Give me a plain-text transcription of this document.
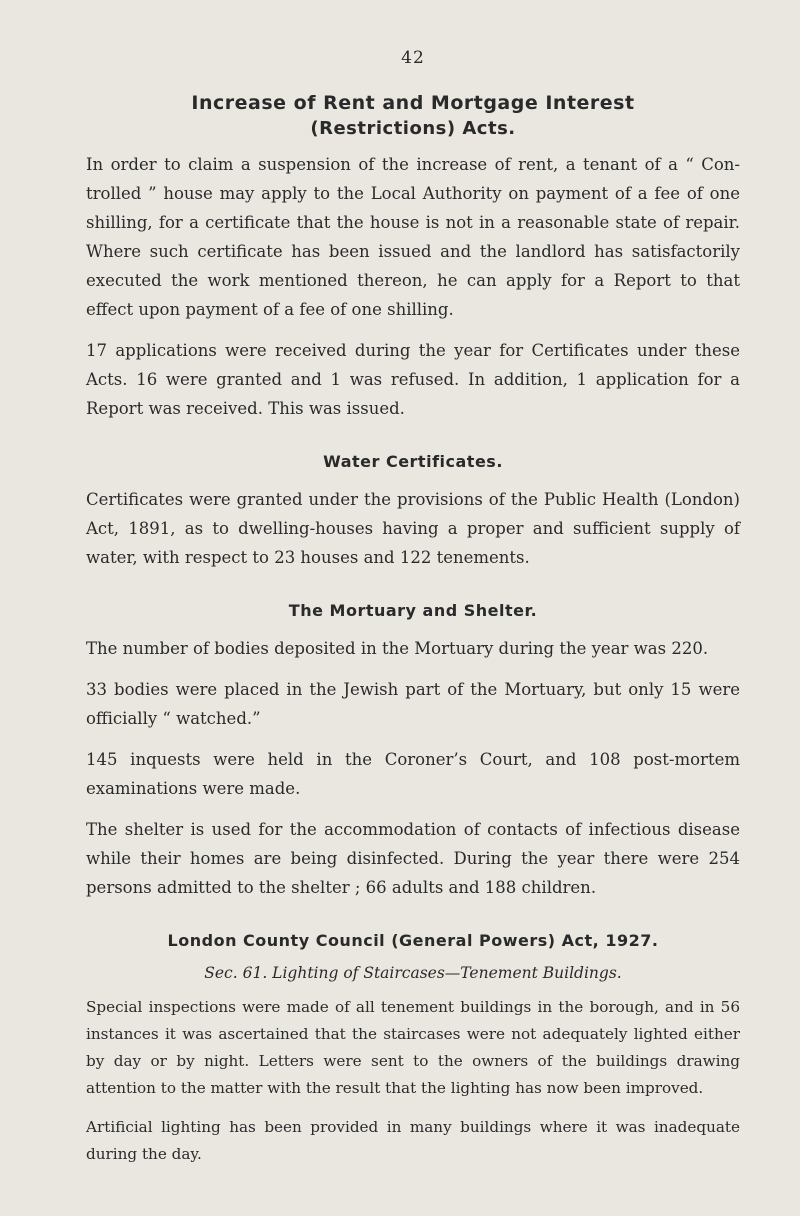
42
Increase of Rent and Mortgage Interest
(Restrictions) Acts.

In order to claim a suspension of the increase of rent, a tenant of a “ Con- trolled ” house may apply to the Local Authority on payment of a fee of one shilling, for a certificate that the house is not in a reasonable state of repair. Where such certificate has been issued and the landlord has satisfactorily executed the work mentioned thereon, he can apply for a Report to that effect upon payment of a fee of one shilling.

17 applications were received during the year for Certificates under these Acts. 16 were granted and 1 was refused. In addition, 1 application for a Report was received. This was issued.

Water Certificates.

Certificates were granted under the provisions of the Public Health (London) Act, 1891, as to dwelling-houses having a proper and sufficient supply of water, with respect to 23 houses and 122 tenements.

The Mortuary and Shelter.

The number of bodies deposited in the Mortuary during the year was 220.

33 bodies were placed in the Jewish part of the Mortuary, but only 15 were officially “ watched.”

145 inquests were held in the Coroner’s Court, and 108 post-mortem examinations were made.

The shelter is used for the accommodation of contacts of infectious disease while their homes are being disinfected. During the year there were 254 persons admitted to the shelter ; 66 adults and 188 children.

London County Council (General Powers) Act, 1927.
Sec. 61. Lighting of Staircases—Tenement Buildings.

Special inspections were made of all tenement buildings in the borough, and in 56 instances it was ascertained that the staircases were not adequately lighted either by day or by night. Letters were sent to the owners of the buildings drawing attention to the matter with the result that the lighting has now been improved.

Artificial lighting has been provided in many buildings where it was inadequate during the day.
